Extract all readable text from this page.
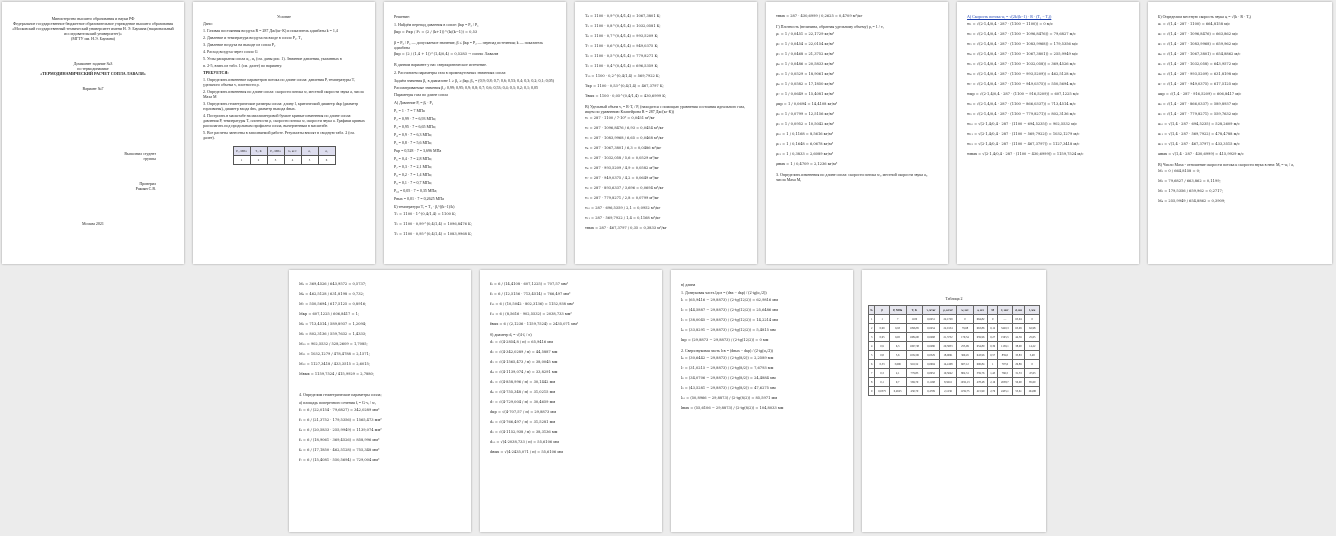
Министерство высшего образования и науки РФ
Федеральное государственное бюджетное образовательное учреждение высшего образования «Московский государственный технический университет имени Н. Э. Баумана (национальный исследовательский университет)»
(МГТУ им. Н.Э. Баумана)
Домашнее задание №3
по термодинамике
«ТЕРМОДИНАМИЧЕСКИЙ РАСЧЕТ СОПЛА ЛАВАЛЯ»
Вариант №7
Выполнил студент
группы
Проверил
Ракиян С.В.
Москва 2021

Условие

Дано:

1. Газовая постоянная воздуха R = 287 Дж/(кг·К) и показатель адиабаты k = 1,4

2. Давление и температура воздуха на входе в сопло P₁, T₁

3. Давление воздуха на выходе из сопла P₂

4. Расход воздуха через сопло G

5. Углы раскрытия сопла α₁, α₂ (см. даны рис. 1). Значение давления, указанных в

п. 2-5, взять из табл. 1 (см. далее) по варианту.

ТРЕБУЕТСЯ:

1. Определить изменение параметров потока по длине сопла: давления P, температуры T, удельного объема v, плотности ρ.

2. Определить изменения по длине сопла: скорости потока w, местной скорости звука a, числа Маха M

3. Определить геометрические размеры сопла: длину l, критический диаметр dкр (диаметр горловины), диаметр входа dвх, диаметр выхода dвых.

4. Построить в масштабе на миллиметровой бумаге кривые изменения по длине сопла: давления P, температуры T, плотности ρ, скорости потока w, скорости звука a. Графики кривых располагать под продольным профилем сопла, вычерченным в масштабе.

5. Все расчеты занесены в заполняемой работе. Результаты вносят в сводную табл. 2 (см. далее).

P₁, МПа	T₁, К	P₂, МПа	G, кг/с	α₁	α₂
1	2	3	4	5	6
Решение:
1. Найдём перепад давления в сопле: βкр = P₂ / P₁
βкр = Pкр / P₁ = (2 / (k+1))^(k/(k−1)) = 0,53

β = P₂ / P₁ — допускаемое значение, β ≤ βкр = P₂ — перепад истечения; k — показатель адиабаты

βкр = (2 / (1,4 + 1))^(1,4/0,4) = 0,5283 → сопло Лаваля
В данном варианте у нас сверхкритическое истечение.
2. Рассчитаем параметры газа в промежуточных значениях сопла:

Задаём значения β₁ в диапазоне 1 ≥ β₁ ≥ βкр, β₂ = (0,9; 0,8; 0,7; 0,6; 0,53; 0,4; 0,3; 0,2; 0,1; 0,05)

Рассматриваемые значения β₁: 0,99; 0,95; 0,9; 0,8; 0,7; 0,6; 0,53; 0,4; 0,3; 0,2; 0,1; 0,05

Параметры газа по длине сопла
A) Давление Pᵢ = βᵢ · P₁
P₁ = 1 · 7 = 7 МПа
P₂ = 0,99 · 7 = 6,93 МПа;
P₃ = 0,95 · 7 = 6,65 МПа;
P₄ = 0,9 · 7 = 6,3 МПа;
P₅ = 0,8 · 7 = 5,6 МПа;
Pкр = 0,528 · 7 = 3,696 МПа
P₆ = 0,4 · 7 = 2,8 МПа;
P₇ = 0,3 · 7 = 2,1 МПа;
P₈ = 0,2 · 7 = 1,4 МПа;
P₉ = 0,1 · 7 = 0,7 МПа;
P₁₀ = 0,05 · 7 = 0,35 МПа;
Pвых = 0,01 · 7 = 0,2625 МПа
Б) температура Tᵢ = T₁ · βᵢ^((k−1)/k)
T₁ = 1100 · 1^(0,4/1,4) = 1100 K;
T₂ = 1100 · 0,99^(0,4/1,4) = 1096,8476 K;
T₃ = 1100 · 0,95^(0,4/1,4) = 1083,9968 K;
T₄ = 1100 · 0,9^(0,4/1,4) = 1067,3801 K;
T₅ = 1100 · 0,8^(0,4/1,4) = 1032,0581 K;
T₆ = 1100 · 0,7^(0,4/1,4) = 993,5209 K;
T₇ = 1100 · 0,6^(0,4/1,4) = 949,0375 K;
T₈ = 1100 · 0,5^(0,4/1,4) = 779,8271 K;
T₉ = 1100 · 0,4^(0,4/1,4) = 696,5359 K;
T₁₀ = 1100 · 0,2^(0,4/1,4) = 569,7922 K;
Tкр = 1100 · 0,53^(0,4/1,4) = 467,3797 K;
Tвых = 1100 · 0,05^(0,4/1,4) = 430,6999 K;

В) Удельный объем vᵢ = R·Tᵢ / Pᵢ (находится с помощью уравнения состояния идеального газа, ищем по уравнению Клапейрона R = 287 Дж/(кг·К))

v₁ = 287 · 1100 / 7·10⁶ = 0,0451 м³/кг
v₂ = 287 · 1096,8476 / 6,93 = 0,0454 м³/кг
v₃ = 287 · 1083,9968 / 6,65 = 0,0468 м³/кг
v₄ = 287 · 1067,3801 / 6,3 = 0,0486 м³/кг
v₅ = 287 · 1032,058 / 5,6 = 0,0529 м³/кг
v₆ = 287 · 993,5209 / 4,9 = 0,0582 м³/кг
v₇ = 287 · 949,0375 / 4,2 = 0,0649 м³/кг
v₈ = 287 · 893,6337 / 3,696 = 0,0694 м³/кг
v₉ = 287 · 779,8271 / 2,8 = 0,0799 м³/кг
v₁₀ = 287 · 696,5359 / 2,1 = 0,0952 м³/кг
v₁₁ = 287 · 569,7922 / 1,4 = 0,1168 м³/кг
vвых = 287 · 467,3797 / 0,35 = 0,3833 м³/кг
vвых = 287 · 430,6999 / 0,2625 = 0,4709 м³/кг
Г) Плотность (величина, обратная удельному объему) ρᵢ = 1 / vᵢ
ρ₁ = 1 / 0,0451 = 22,1729 кг/м³
ρ₂ = 1 / 0,0454 = 22,0154 кг/м³
ρ₃ = 1 / 0,0468 = 21,3752 кг/м³
ρ₄ = 1 / 0,0486 = 20,5833 кг/м³
ρ₅ = 1 / 0,0529 = 18,9061 кг/м³
ρ₆ = 1 / 0,0582 = 17,1850 кг/м³
ρ₇ = 1 / 0,0649 = 15,4081 кг/м³
ρкр = 1 / 0,0694 = 14,4108 кг/м³
ρ₈ = 1 / 0,0799 = 12,5156 кг/м³
ρ₉ = 1 / 0,0952 = 10,5042 кг/м³
ρ₁₀ = 1 / 0,1168 = 8,5616 кг/м³
ρ₁₁ = 1 / 0,1648 = 6,0678 кг/м³
ρ₁₂ = 1 / 0,3833 = 2,6089 кг/м³
ρвых = 1 / 0,4709 = 2,1236 кг/м³

3. Определить изменения по длине сопла: скорости потока wᵢ, местной скорости звука aᵢ, числа Маха Mᵢ

А) Скорость потока wᵢ = √(2k/(k−1) · R · (T₁ − Tᵢ))
w₁ = √(2·1,4/0,4 · 287 · (1100 − 1100)) = 0 м/с
w₂ = √(2·1,4/0,4 · 287 · (1100 − 1096,8476)) = 79,6827 м/с
w₃ = √(2·1,4/0,4 · 287 · (1100 − 1083,9968)) = 179,5356 м/с
w₄ = √(2·1,4/0,4 · 287 · (1100 − 1067,3801)) = 255,9949 м/с
w₅ = √(2·1,4/0,4 · 287 · (1100 − 1032,058)) = 369,4526 м/с
w₆ = √(2·1,4/0,4 · 287 · (1100 − 993,5209)) = 462,5128 м/с
w₇ = √(2·1,4/0,4 · 287 · (1100 − 949,0375)) = 550,5694 м/с
wкр = √(2·1,4/0,4 · 287 · (1100 − 916,5209)) = 607,1225 м/с
w₈ = √(2·1,4/0,4 · 287 · (1100 − 866,0337)) = 713,4514 м/с
w₉ = √(2·1,4/0,4 · 287 · (1100 − 779,8271)) = 802,3136 м/с
w₁₀ = √(2·1,4/0,4 · 287 · (1100 − 694,5235)) = 902,5532 м/с
w₁₁ = √(2·1,4/0,4 · 287 · (1100 − 569,7922)) = 1032,1279 м/с
w₁₂ = √(2·1,4/0,4 · 287 · (1100 − 467,3797)) = 1127,3418 м/с
wвых = √(2·1,4/0,4 · 287 · (1100 − 430,6999)) = 1159,7524 м/с
Б) Определим местную скорость звука aᵢ = √(k · R · Tᵢ)
a₁ = √(1,4 · 287 · 1100) = 664,8158 м/с
a₂ = √(1,4 · 287 · 1096,8476) = 663,862 м/с
a₃ = √(1,4 · 287 · 1083,9968) = 659,962 м/с
a₄ = √(1,4 · 287 · 1067,3801) = 654,8862 м/с
a₅ = √(1,4 · 287 · 1032,058) = 643,9572 м/с
a₆ = √(1,4 · 287 · 993,5209) = 631,8198 м/с
a₇ = √(1,4 · 287 · 949,0375) = 617,5125 м/с
aкр = √(1,4 · 287 · 916,5209) = 606,8417 м/с
a₈ = √(1,4 · 287 · 866,0337) = 589,8937 м/с
a₉ = √(1,4 · 287 · 779,8271) = 559,7632 м/с
a₁₀ = √(1,4 · 287 · 694,5235) = 528,2609 м/с
a₁₁ = √(1,4 · 287 · 569,7922) = 478,4788 м/с
a₁₂ = √(1,4 · 287 · 467,3797) = 433,3515 м/с
aвых = √(1,4 · 287 · 430,6999) = 415,9929 м/с

В) Число Маха - отношение скорости потока к скорости звука в нем: Mᵢ = wᵢ / aᵢ

M₁ = 0 / 664,8158 = 0;
M₂ = 79,6827 / 663,862 = 0,1199;
M₃ = 179,5356 / 659,962 = 0,2717;
M₄ = 255,9949 / 654,8862 = 0,3909;
M₅ = 369,4526 / 643,9572 = 0,5737;
M₆ = 462,5128 / 631,8198 = 0,732;
M₇ = 550,5694 / 617,5125 = 0,8916;
Mкр = 607,1225 / 606,8417 = 1;
M₈ = 713,4514 / 589,8937 = 1,2094;
M₉ = 802,3136 / 559,7632 = 1,4333;
M₁₀ = 902,5532 / 528,2609 = 1,7085;
M₁₁ = 1032,1279 / 478,4788 = 2,1571;
M₁₂ = 1127,3418 / 433,3515 = 2,6015;
Mвых = 1159,7524 / 415,9929 = 2,7880;
4. Определим геометрические параметры сопла;
а) площадь поперечного сечения fᵢ = G·vᵢ / wᵢ
f₂ = 6 / (22,0154 · 79,6827) = 342,0289 мм²
f₃ = 6 / (21,3752 · 179,5356) = 1565,473 мм²
f₄ = 6 / (20,5833 · 255,9949) = 1139,074 мм²
f₅ = 6 / (18,9061 · 369,4526) = 858,996 мм²
f₆ = 6 / (17,1850 · 462,5128) = 755,348 мм²
f₇ = 6 / (15,4081 · 550,5694) = 729,004 мм²
f₈ = 6 / (14,4108 · 607,1225) = 707,57 мм²
f₉ = 6 / (12,5156 · 713,4514) = 766,497 мм²
f₁₀ = 6 / (10,5042 · 802,3136) = 1152,938 мм²
f₁₁ = 6 / (8,5616 · 902,5532) = 2038,733 мм²
fвых = 6 / (2,1236 · 1159,7524) = 2435,071 мм²
б) диаметр dᵢ = √(4·fᵢ / π)
d₁ = √(4·2854,8 / π) = 65,9416 мм
d₂ = √(4·342,0289 / π) = 44,5887 мм
d₃ = √(4·1565,473 / π) = 38,0045 мм
d₄ = √(4·1139,074 / π) = 33,8291 мм
d₅ = √(4·858,996 / π) = 30,1442 мм
d₆ = √(4·755,348 / π) = 31,0215 мм
d₇ = √(4·729,004 / π) = 30,4659 мм
dкр = √(4·707,57 / π) = 29,8873 мм
d₈ = √(4·766,497 / π) = 31,5281 мм
d₉ = √(4·1152,938 / π) = 38,3136 мм
d₁₀ = √(4·2038,733 / π) = 55,6106 мм
dвых = √(4·2435,071 / π) = 55,6106 мм
в) длина
1. Дозвуковая часть lдоз = (dвх − dкр) / (2·tg(α₁/2))
l₁ = (65,9416 − 29,8873) / (2·tg(12/2)) = 62,9816 мм
l₂ = (44,5887 − 29,8873) / (2·tg(12/2)) = 25,6486 мм
l₃ = (38,0045 − 29,8873) / (2·tg(12/2)) = 14,2214 мм
l₄ = (33,8291 − 29,8873) / (2·tg(12/2)) = 5,4815 мм
lкр = (29,8873 − 29,8873) / (2·tg(12/2)) = 0 мм
2. Сверхзвуковая часть lсв = (dвых − dкр) / (2·tg(α₂/2))
l₆ = (30,6442 − 29,8873) / (2·tg(8/2)) = 2,2589 мм
l₇ = (31,0215 − 29,8873) / (2·tg(8/2)) = 7,6793 мм
l₈ = (34,0706 − 29,8873) / (2·tg(8/2)) = 24,4884 мм
l₉ = (43,5281 − 29,8873) / (2·tg(8/2)) = 47,6275 мм
l₁₀ = (50,8966 − 29,8873) / (2·tg(8/2)) = 85,5971 мм
lвых = (55,6106 − 29,8873) / (2·tg(8/2)) = 104,8033 мм
Таблица 2
№	β	P, МПа	T, K	v, м³/кг	ρ, кг/м³	w, м/с	a, м/с	M	f, мм²	d, мм	l, мм
1	1	7	1100	0,0451	22,1729	0	664,82	0	—	65,94	0
2	0,99	6,93	1096,85	0,0454	22,0154	79,68	663,86	0,12	3420,3	65,99	62,98
3	0,95	6,65	1084,00	0,0468	21,3752	179,54	659,96	0,27	1565,5	44,59	25,65
4	0,9	6,3	1067,38	0,0486	20,5833	255,99	654,89	0,39	1139,1	38,00	14,22
5	0,8	5,6	1032,06	0,0529	18,9061	369,45	643,96	0,57	859,0	33,83	5,48
6	0,53	3,696	916,52	0,0694	14,4108	607,12	606,84	1	707,6	29,89	0
7	0,3	2,1	779,83	0,0952	10,5042	802,31	559,76	1,43	766,5	31,53	47,63
8	0,1	0,7	569,79	0,1168	8,5616	1032,13	478,48	2,16	2038,7	50,90	85,60
9	0,0375	0,2625	430,70	0,4709	2,1236	1159,75	415,99	2,79	2435,1	55,61	104,80
